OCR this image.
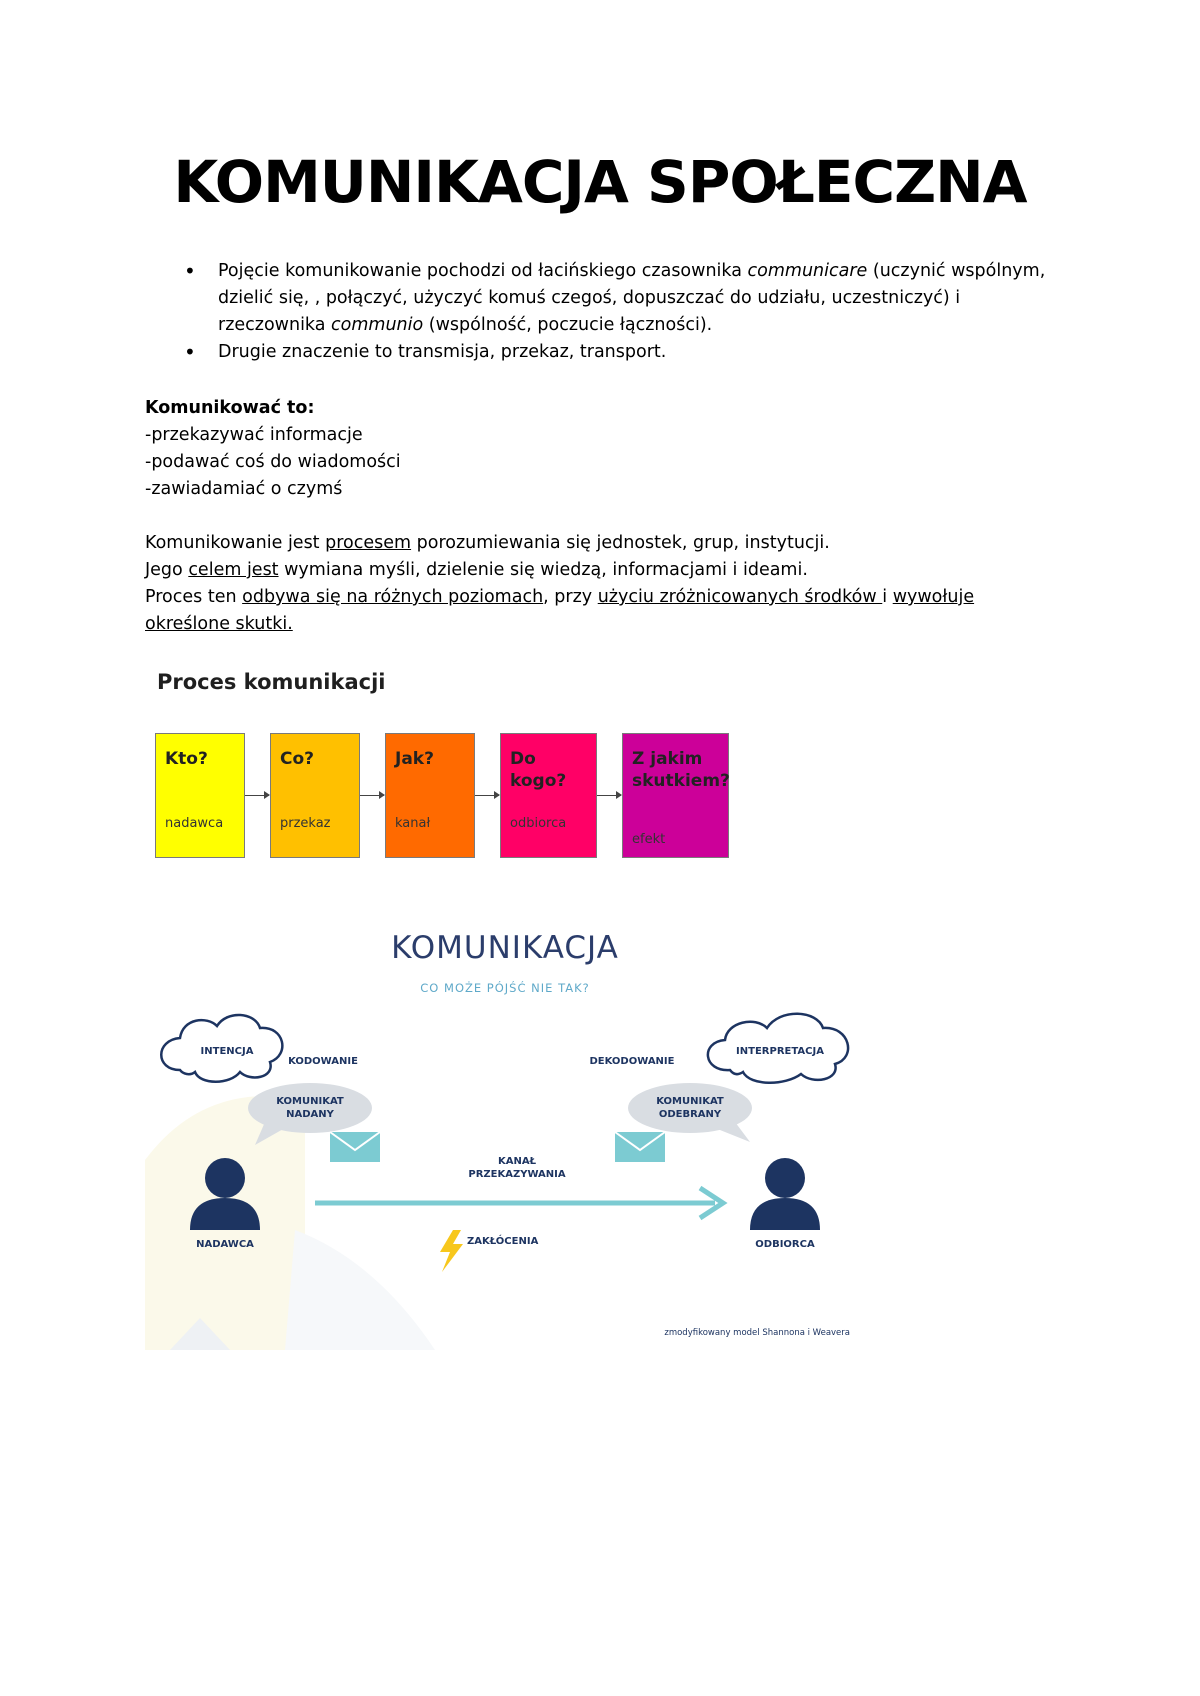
KOMUNIKACJA SPOŁECZNA
• Pojęcie komunikowanie pochodzi od łacińskiego czasownika communicare (uczynić wspólnym, dzielić się, , połączyć, użyczyć komuś czegoś, dopuszczać do udziału, uczestniczyć) i rzeczownika communio (wspólność, poczucie łączności).
• Drugie znaczenie to transmisja, przekaz, transport.
Komunikować to:
-przekazywać informacje
-podawać coś do wiadomości
-zawiadamiać o czymś
Komunikowanie jest procesem porozumiewania się jednostek, grup, instytucji.
Jego celem jest wymiana myśli, dzielenie się wiedzą, informacjami i ideami.
Proces ten odbywa się na różnych poziomach, przy użyciu zróżnicowanych środków i wywołuje
określone skutki.
Proces komunikacji
Kto?
nadawca
Co?
przekaz
Jak?
kanał
Do kogo?
odbiorca
Z jakim skutkiem?
efekt
KOMUNIKACJA
CO MOŻE PÓJŚĆ NIE TAK?
INTENCJA	INTERPRETACJA
KODOWANIE	DEKODOWANIE
KOMUNIKAT
NADANY
KOMUNIKAT
ODEBRANY
KANAŁ
PRZEKAZYWANIA
NADAWCA	ODBIORCA
ZAKŁÓCENIA
zmodyfikowany model Shannona i Weavera
